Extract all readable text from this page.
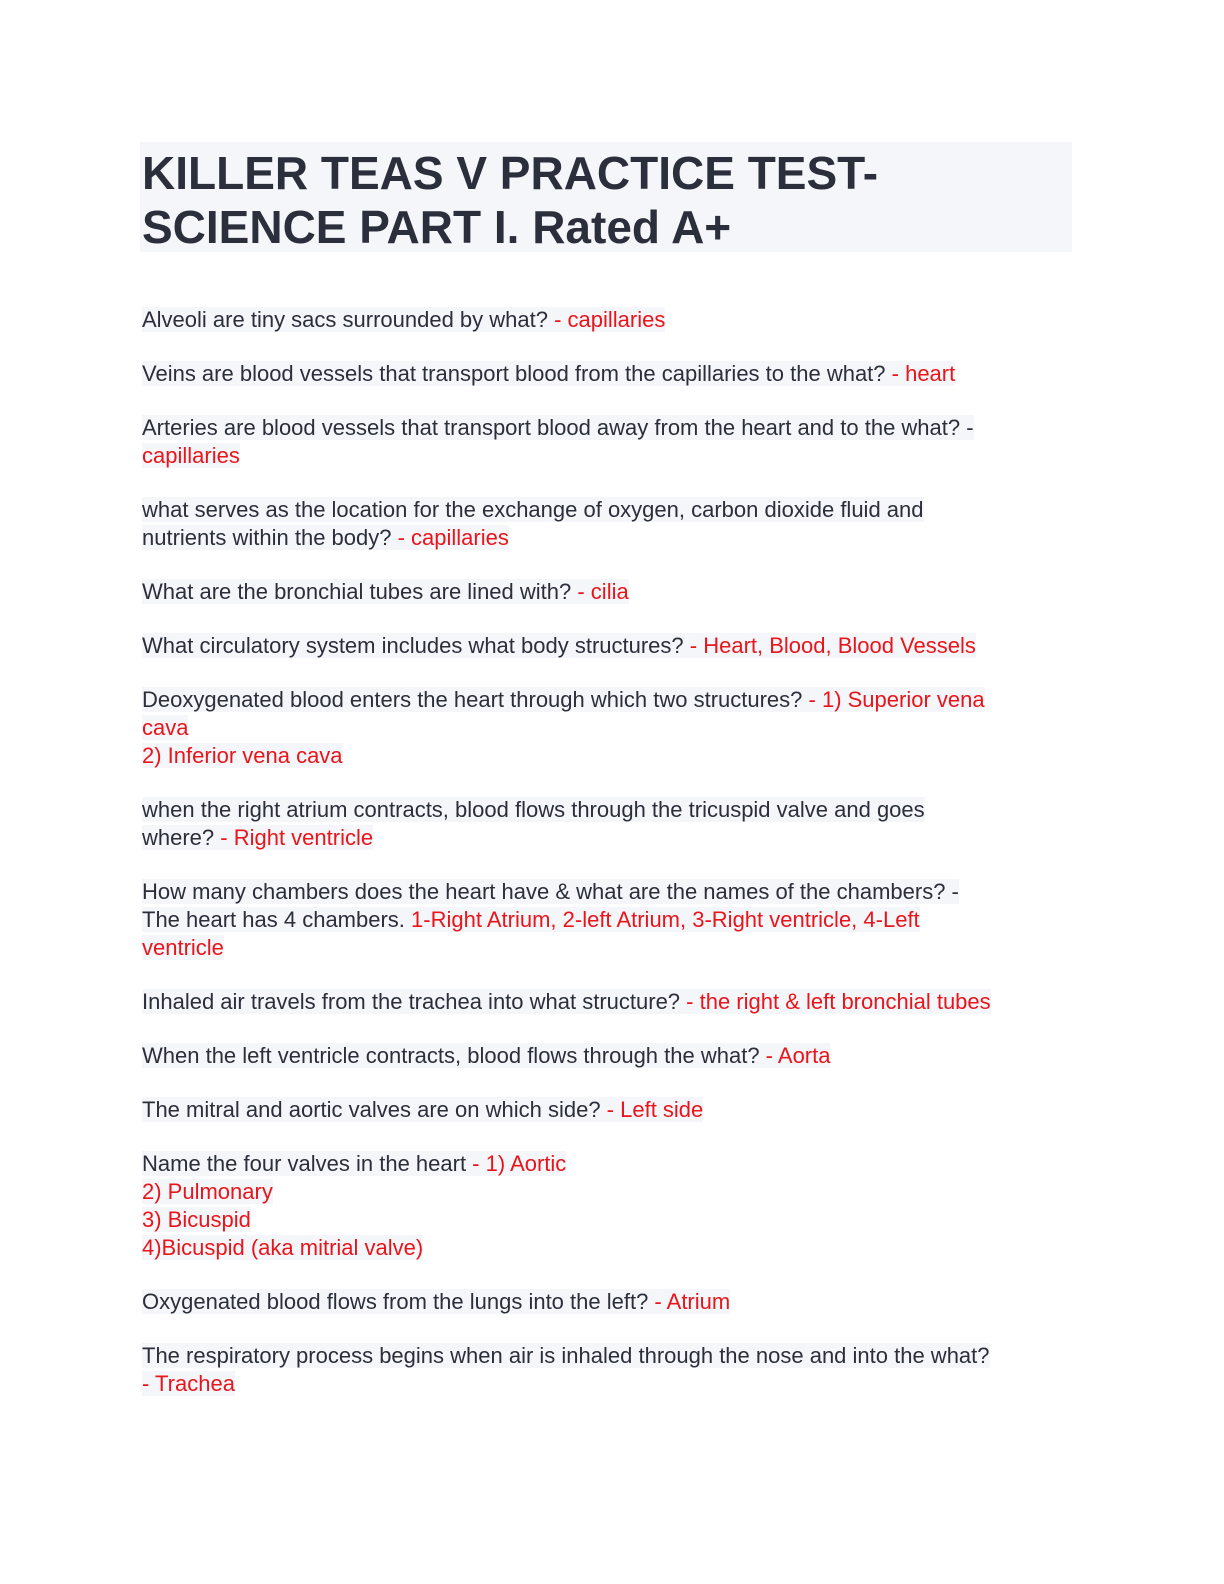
KILLER TEAS V PRACTICE TEST-
SCIENCE PART I. Rated A+

Alveoli are tiny sacs surrounded by what? - capillaries

Veins are blood vessels that transport blood from the capillaries to the what? - heart

Arteries are blood vessels that transport blood away from the heart and to the what? -
capillaries

what serves as the location for the exchange of oxygen, carbon dioxide fluid and
nutrients within the body? - capillaries

What are the bronchial tubes are lined with? - cilia

What circulatory system includes what body structures? - Heart, Blood, Blood Vessels

Deoxygenated blood enters the heart through which two structures? - 1) Superior vena
cava
2) Inferior vena cava

when the right atrium contracts, blood flows through the tricuspid valve and goes
where? - Right ventricle

How many chambers does the heart have & what are the names of the chambers? -
The heart has 4 chambers. 1-Right Atrium, 2-left Atrium, 3-Right ventricle, 4-Left
ventricle

Inhaled air travels from the trachea into what structure? - the right & left bronchial tubes

When the left ventricle contracts, blood flows through the what? - Aorta

The mitral and aortic valves are on which side? - Left side

Name the four valves in the heart - 1) Aortic
2) Pulmonary
3) Bicuspid
4)Bicuspid (aka mitrial valve)

Oxygenated blood flows from the lungs into the left? - Atrium

The respiratory process begins when air is inhaled through the nose and into the what?
- Trachea
